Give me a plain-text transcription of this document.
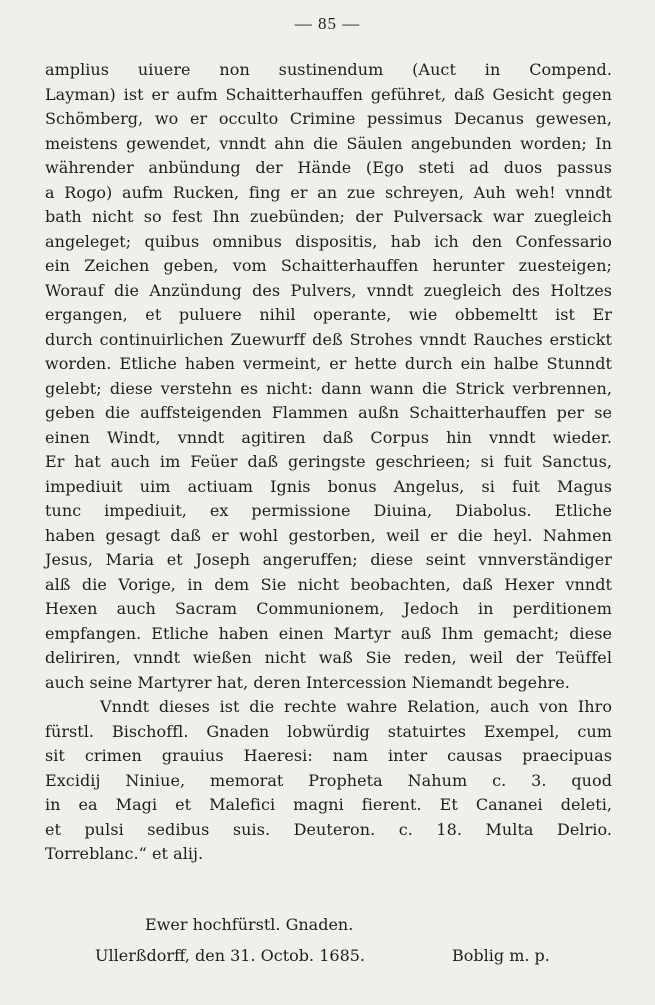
— 85 —
amplius uiuere non sustinendum (Auct in Compend.
Layman) ist er aufm Schaitterhauffen geführet, daß Gesicht gegen
Schömberg, wo er occulto Crimine pessimus Decanus gewesen,
meistens gewendet, vnndt ahn die Säulen angebunden worden; In
währender anbündung der Hände (Ego steti ad duos passus
a Rogo) aufm Rucken, fing er an zue schreyen, Auh weh! vnndt
bath nicht so fest Ihn zuebünden; der Pulversack war zuegleich
angeleget; quibus omnibus dispositis, hab ich den Confessario
ein Zeichen geben, vom Schaitterhauffen herunter zuesteigen;
Worauf die Anzündung des Pulvers, vnndt zuegleich des Holtzes
ergangen, et puluere nihil operante, wie obbemeltt ist Er
durch continuirlichen Zuewurff deß Strohes vnndt Rauches erstickt
worden. Etliche haben vermeint, er hette durch ein halbe Stunndt
gelebt; diese verstehn es nicht: dann wann die Strick verbrennen,
geben die auffsteigenden Flammen außn Schaitterhauffen per se
einen Windt, vnndt agitiren daß Corpus hin vnndt wieder.
Er hat auch im Feüer daß geringste geschrieen; si fuit Sanctus,
impediuit uim actiuam Ignis bonus Angelus, si fuit Magus
tunc impediuit, ex permissione Diuina, Diabolus. Etliche
haben gesagt daß er wohl gestorben, weil er die heyl. Nahmen
Jesus, Maria et Joseph angeruffen; diese seint vnnverständiger
alß die Vorige, in dem Sie nicht beobachten, daß Hexer vnndt
Hexen auch Sacram Communionem, Jedoch in perditionem
empfangen. Etliche haben einen Martyr auß Ihm gemacht; diese
deliriren, vnndt wießen nicht waß Sie reden, weil der Teüffel
auch seine Martyrer hat, deren Intercession Niemandt begehre.
Vnndt dieses ist die rechte wahre Relation, auch von Ihro
fürstl. Bischoffl. Gnaden lobwürdig statuirtes Exempel, cum
sit crimen grauius Haeresi: nam inter causas praecipuas
Excidij Niniue, memorat Propheta Nahum c. 3. quod
in ea Magi et Malefici magni fierent. Et Cananei deleti,
et pulsi sedibus suis. Deuteron. c. 18. Multa Delrio.
Torreblanc.“ et alij.
Ewer hochfürstl. Gnaden.
Ullerßdorff, den 31. Octob. 1685.	Boblig m. p.
